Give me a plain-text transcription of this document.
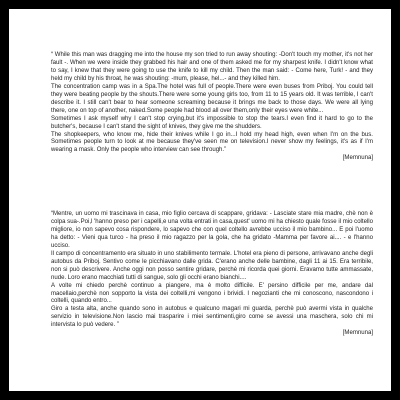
“ While this man was dragging me into the house my son tried to run away shouting: -Don't touch my mother, it's not her fault -. When we were inside they grabbed his hair and one of them asked me for my sharpest knife. I didn't know what to say, I knew that they were going to use the knife to kill my child. Then the man said: - Come here, Turk! - and they held my child by his throat, he was shouting: -mum, please, hel...- and they killed him.

The concentration camp was in a Spa.The hotel was full of people.There were even buses from Priboj. You could tell they were beating people by the shouts.There were some young girls too, from 11 to 15 years old. It was terrible, I can't describe it. I still can't bear to hear someone screaming because it brings me back to those days. We were all lying there, one on top of another, naked.Some people had blood all over them,only their eyes were white...

Sometimes I ask myself why I can't stop crying,but it's impossible to stop the tears.I even find it hard to go to the butcher's, because I can't stand the sight of knives, they give me the shudders.

The shopkeepers, who know me, hide their knives while I go in...I hold my head high, even when I'm on the bus. Sometimes people turn to look at me because they've seen me on television.I never show my feelings, it's as if I'm wearing a mask. Only the people who interview can see through.”

[Memnuna]

“Mentre, un uomo mi trascinava in casa, mio figlio cercava di scappare, gridava: - Lasciate stare mia madre, chè non è colpa sua-.Poi,l 'hanno preso per i capelli,e una volta entrati in casa,quest' uomo mi ha chiesto quale fosse il mio coltello migliore, io non sapevo cosa rispondere, lo sapevo che con quel coltello avrebbe ucciso il mio bambino... E poi l'uomo ha detto: - Vieni qua turco - ha preso il mio ragazzo per la gola, che ha gridato -Mamma per favore ai.... - e l'hanno ucciso.

Il campo di concentramento era situato in uno stabilimento termale. L'hotel era pieno di persone, arrivavano anche degli autobus da Priboj. Sentivo come le picchiavano dalle grida. C'erano anche delle bambine, dagli 11 ai 15. Era terribile, non si può descrivere. Anche oggi non posso sentire gridare, perchè mi ricorda quei giorni. Eravamo tutte ammassate, nude. Loro erano macchiati tutti di sangue, solo gli occhi erano bianchi....

A volte mi chiedo perchè continuo a piangere, ma è molto difficile. E' persino difficile per me, andare dal macellaio,perchè non sopporto la vista dei coltelli,mi vengono i brividi. I negozianti che mi conoscono, nascondono i coltelli, quando entro...

Giro a testa alta, anche quando sono in autobus e qualcuno magari mi guarda, perchè può avermi vista in qualche servizio in televisione.Non lascio mai trasparire i miei sentimenti,giro come se avessi una maschera, solo chi mi intervista lo può vedere. ”

[Memnuna]
